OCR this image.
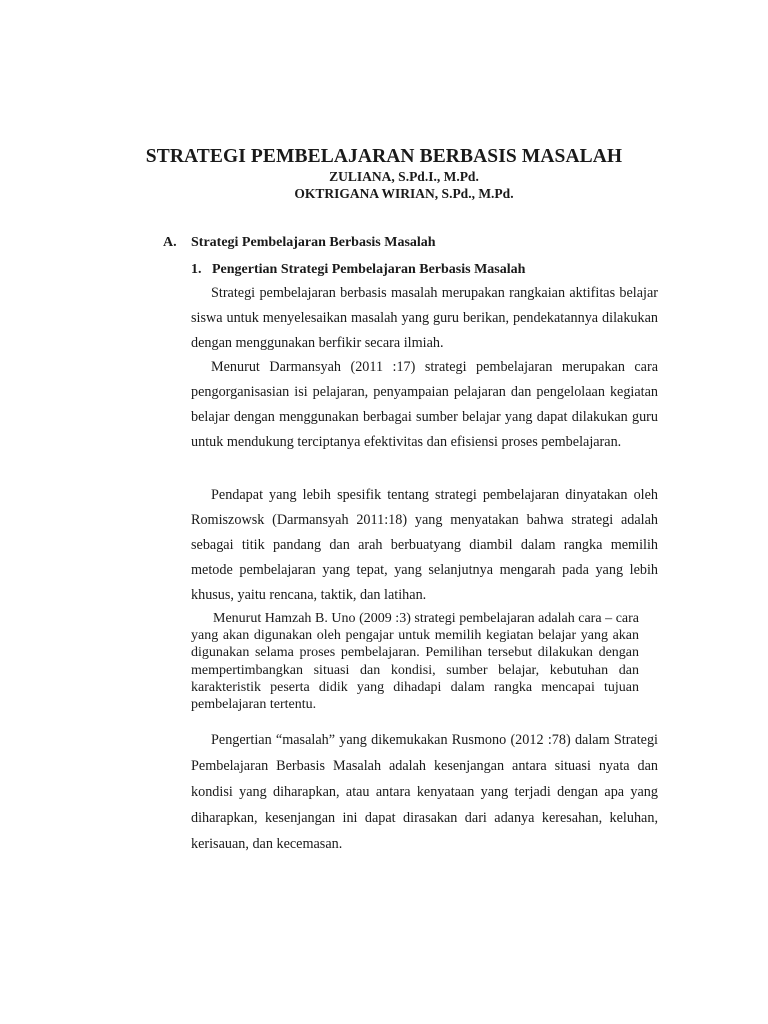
STRATEGI PEMBELAJARAN BERBASIS MASALAH
ZULIANA, S.Pd.I., M.Pd.
OKTRIGANA WIRIAN, S.Pd., M.Pd.
A. Strategi Pembelajaran Berbasis Masalah
1. Pengertian Strategi Pembelajaran Berbasis Masalah
Strategi pembelajaran berbasis masalah merupakan rangkaian aktifitas belajar siswa untuk menyelesaikan masalah yang guru berikan, pendekatannya dilakukan dengan menggunakan berfikir secara ilmiah.
Menurut Darmansyah (2011 :17) strategi pembelajaran merupakan cara pengorganisasian isi pelajaran, penyampaian pelajaran dan pengelolaan kegiatan belajar dengan menggunakan berbagai sumber belajar yang dapat dilakukan guru untuk mendukung terciptanya efektivitas dan efisiensi proses pembelajaran.
Pendapat yang lebih spesifik tentang strategi pembelajaran dinyatakan oleh Romiszowsk (Darmansyah 2011:18) yang menyatakan bahwa strategi adalah sebagai titik pandang dan arah berbuatyang diambil dalam rangka memilih metode pembelajaran yang tepat, yang selanjutnya mengarah pada yang lebih khusus, yaitu rencana, taktik, dan latihan.
Menurut Hamzah B. Uno (2009 :3) strategi pembelajaran adalah cara – cara yang akan digunakan oleh pengajar untuk memilih kegiatan belajar yang akan digunakan selama proses pembelajaran. Pemilihan tersebut dilakukan dengan mempertimbangkan situasi dan kondisi, sumber belajar, kebutuhan dan karakteristik peserta didik yang dihadapi dalam rangka mencapai tujuan pembelajaran tertentu.
Pengertian “masalah” yang dikemukakan Rusmono (2012 :78) dalam Strategi Pembelajaran Berbasis Masalah adalah kesenjangan antara situasi nyata dan kondisi yang diharapkan, atau antara kenyataan yang terjadi dengan apa yang diharapkan, kesenjangan ini dapat dirasakan dari adanya keresahan, keluhan, kerisauan, dan kecemasan.
